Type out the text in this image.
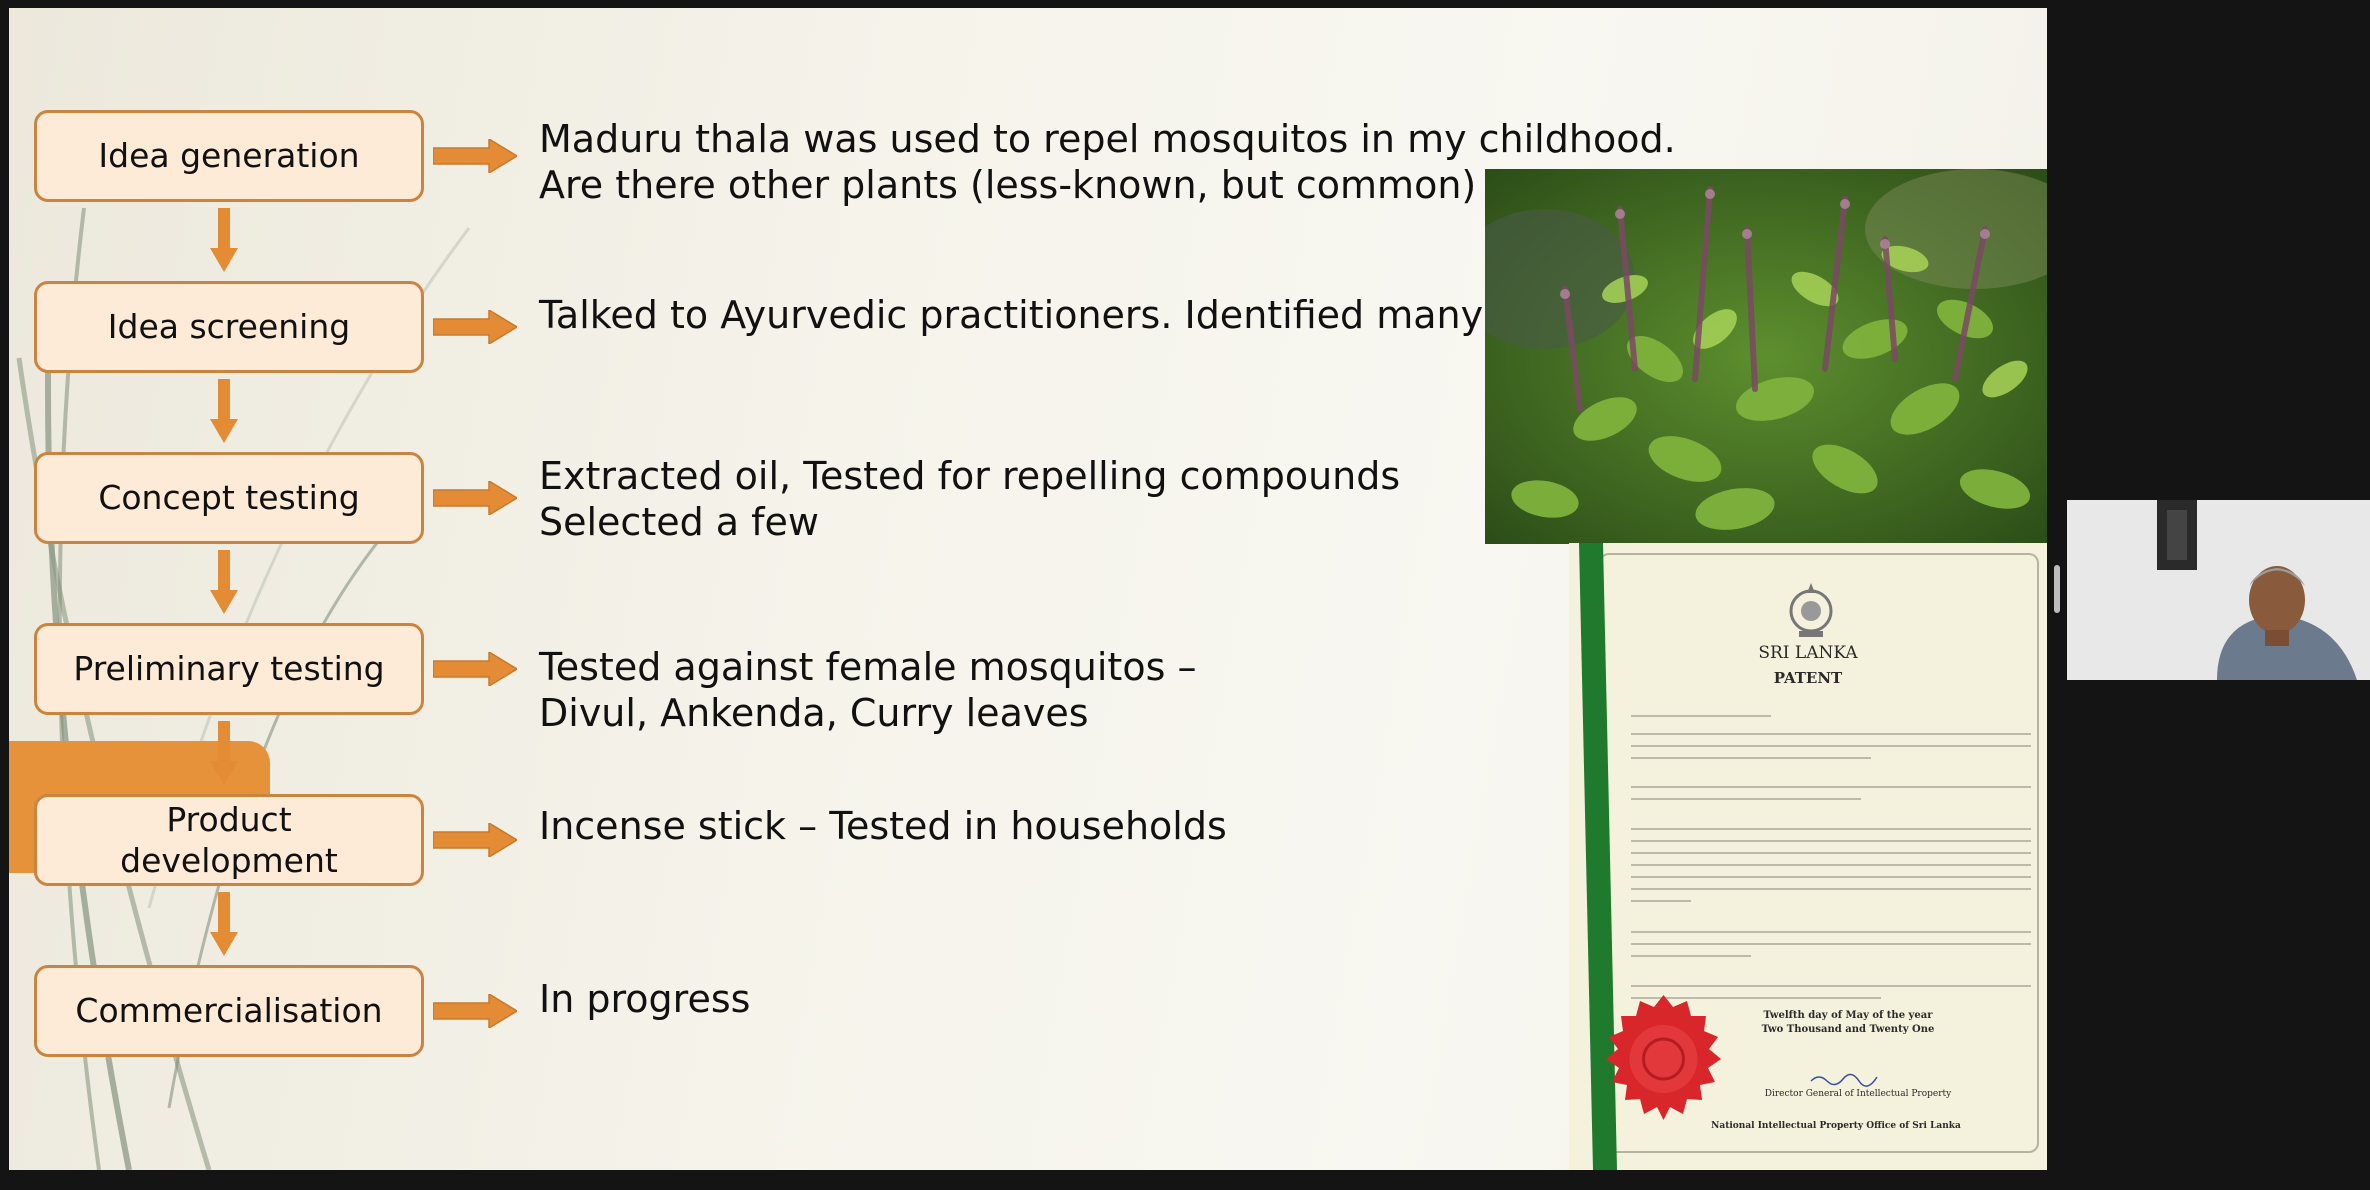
Idea generation
Idea screening
Concept testing
Preliminary testing
Product development
Commercialisation
Maduru thala was used to repel mosquitos in my childhood.
Are there other plants (less-known, but common)
Talked to Ayurvedic practitioners. Identified many
Extracted oil, Tested for repelling compounds
Selected a few
Tested against female mosquitos –
Divul, Ankenda, Curry leaves
Incense stick – Tested in households
In progress
SRI LANKA
PATENT
Twelfth day of May of the year
Two Thousand and Twenty One
Director General of Intellectual Property
National Intellectual Property Office of Sri Lanka
